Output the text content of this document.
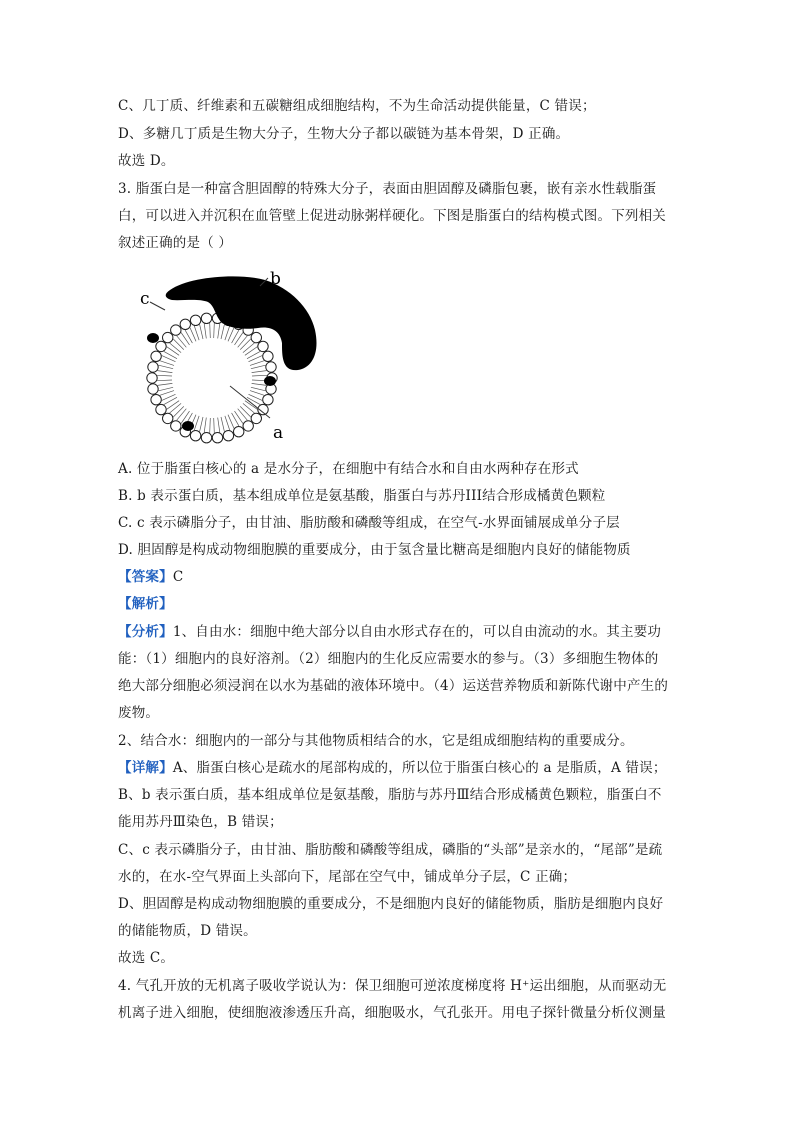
C、几丁质、纤维素和五碳糖组成细胞结构，不为生命活动提供能量，C 错误；
D、多糖几丁质是生物大分子，生物大分子都以碳链为基本骨架，D 正确。
故选 D。
3. 脂蛋白是一种富含胆固醇的特殊大分子，表面由胆固醇及磷脂包裹，嵌有亲水性载脂蛋
白，可以进入并沉积在血管壁上促进动脉粥样硬化。下图是脂蛋白的结构模式图。下列相关
叙述正确的是（ ）
a
b
c
A. 位于脂蛋白核心的 a 是水分子，在细胞中有结合水和自由水两种存在形式
B. b 表示蛋白质，基本组成单位是氨基酸，脂蛋白与苏丹III结合形成橘黄色颗粒
C. c 表示磷脂分子，由甘油、脂肪酸和磷酸等组成，在空气-水界面铺展成单分子层
D. 胆固醇是构成动物细胞膜的重要成分，由于氢含量比糖高是细胞内良好的储能物质
【答案】C
【解析】
【分析】1、自由水：细胞中绝大部分以自由水形式存在的，可以自由流动的水。其主要功
能：（1）细胞内的良好溶剂。（2）细胞内的生化反应需要水的参与。（3）多细胞生物体的
绝大部分细胞必须浸润在以水为基础的液体环境中。（4）运送营养物质和新陈代谢中产生的
废物。
2、结合水：细胞内的一部分与其他物质相结合的水，它是组成细胞结构的重要成分。
【详解】A、脂蛋白核心是疏水的尾部构成的，所以位于脂蛋白核心的 a 是脂质，A 错误；
B、b 表示蛋白质，基本组成单位是氨基酸，脂肪与苏丹Ⅲ结合形成橘黄色颗粒，脂蛋白不
能用苏丹Ⅲ染色，B 错误；
C、c 表示磷脂分子，由甘油、脂肪酸和磷酸等组成，磷脂的“头部”是亲水的，“尾部”是疏
水的，在水-空气界面上头部向下，尾部在空气中，铺成单分子层，C 正确；
D、胆固醇是构成动物细胞膜的重要成分，不是细胞内良好的储能物质，脂肪是细胞内良好
的储能物质，D 错误。
故选 C。
4. 气孔开放的无机离子吸收学说认为：保卫细胞可逆浓度梯度将 H⁺运出细胞，从而驱动无
机离子进入细胞，使细胞液渗透压升高，细胞吸水，气孔张开。用电子探针微量分析仪测量
